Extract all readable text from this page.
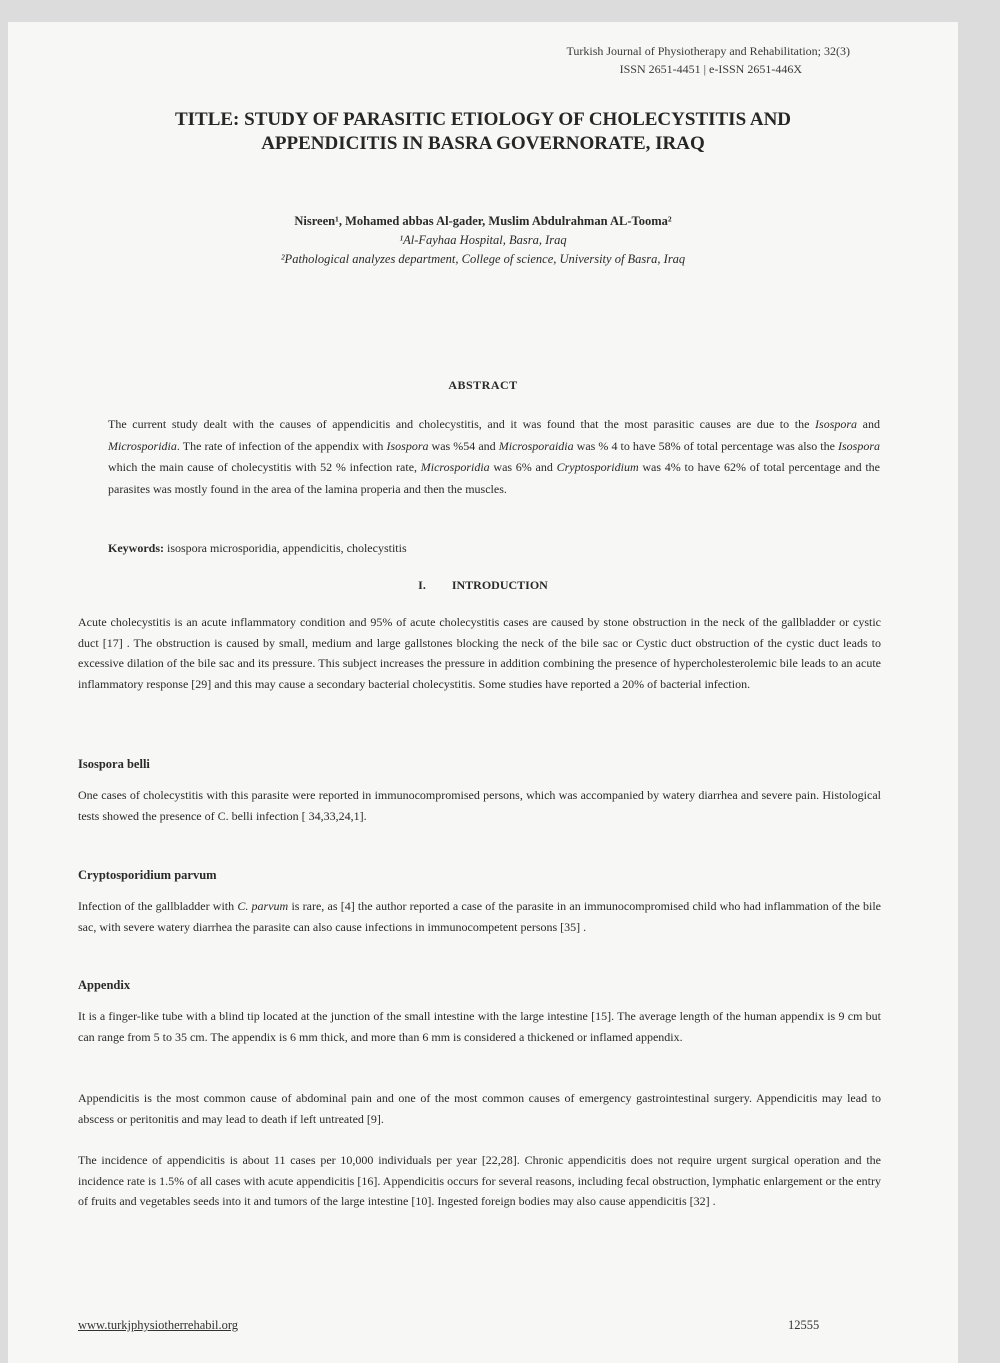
Turkish Journal of Physiotherapy and Rehabilitation; 32(3)
ISSN 2651-4451 | e-ISSN 2651-446X
TITLE: STUDY OF PARASITIC ETIOLOGY OF CHOLECYSTITIS AND
APPENDICITIS IN BASRA GOVERNORATE, IRAQ
Nisreen¹, Mohamed abbas Al-gader, Muslim Abdulrahman AL-Tooma²
¹Al-Fayhaa Hospital, Basra, Iraq
²Pathological analyzes department, College of science, University of Basra, Iraq
ABSTRACT
The current study dealt with the causes of appendicitis and cholecystitis, and it was found that the most parasitic causes are due to the Isospora and Microsporidia. The rate of infection of the appendix with Isospora was %54 and Microsporaidia was % 4 to have 58% of total percentage was also the Isospora which the main cause of cholecystitis with 52 % infection rate, Microsporidia was 6% and Cryptosporidium was 4% to have 62% of total percentage and the parasites was mostly found in the area of the lamina properia and then the muscles.
Keywords: isospora microsporidia, appendicitis, cholecystitis
I. INTRODUCTION
Acute cholecystitis is an acute inflammatory condition and 95% of acute cholecystitis cases are caused by stone obstruction in the neck of the gallbladder or cystic duct [17] . The obstruction is caused by small, medium and large gallstones blocking the neck of the bile sac or Cystic duct obstruction of the cystic duct leads to excessive dilation of the bile sac and its pressure. This subject increases the pressure in addition combining the presence of hypercholesterolemic bile leads to an acute inflammatory response [29] and this may cause a secondary bacterial cholecystitis. Some studies have reported a 20% of bacterial infection.
Isospora belli
One cases of cholecystitis with this parasite were reported in immunocompromised persons, which was accompanied by watery diarrhea and severe pain. Histological tests showed the presence of C. belli infection [ 34,33,24,1].
Cryptosporidium parvum
Infection of the gallbladder with C. parvum is rare, as [4] the author reported a case of the parasite in an immunocompromised child who had inflammation of the bile sac, with severe watery diarrhea the parasite can also cause infections in immunocompetent persons [35] .
Appendix
It is a finger-like tube with a blind tip located at the junction of the small intestine with the large intestine [15]. The average length of the human appendix is 9 cm but can range from 5 to 35 cm. The appendix is 6 mm thick, and more than 6 mm is considered a thickened or inflamed appendix.
Appendicitis is the most common cause of abdominal pain and one of the most common causes of emergency gastrointestinal surgery. Appendicitis may lead to abscess or peritonitis and may lead to death if left untreated [9].
The incidence of appendicitis is about 11 cases per 10,000 individuals per year [22,28]. Chronic appendicitis does not require urgent surgical operation and the incidence rate is 1.5% of all cases with acute appendicitis [16]. Appendicitis occurs for several reasons, including fecal obstruction, lymphatic enlargement or the entry of fruits and vegetables seeds into it and tumors of the large intestine [10]. Ingested foreign bodies may also cause appendicitis [32] .
www.turkjphysiotherrehabil.org	12555
